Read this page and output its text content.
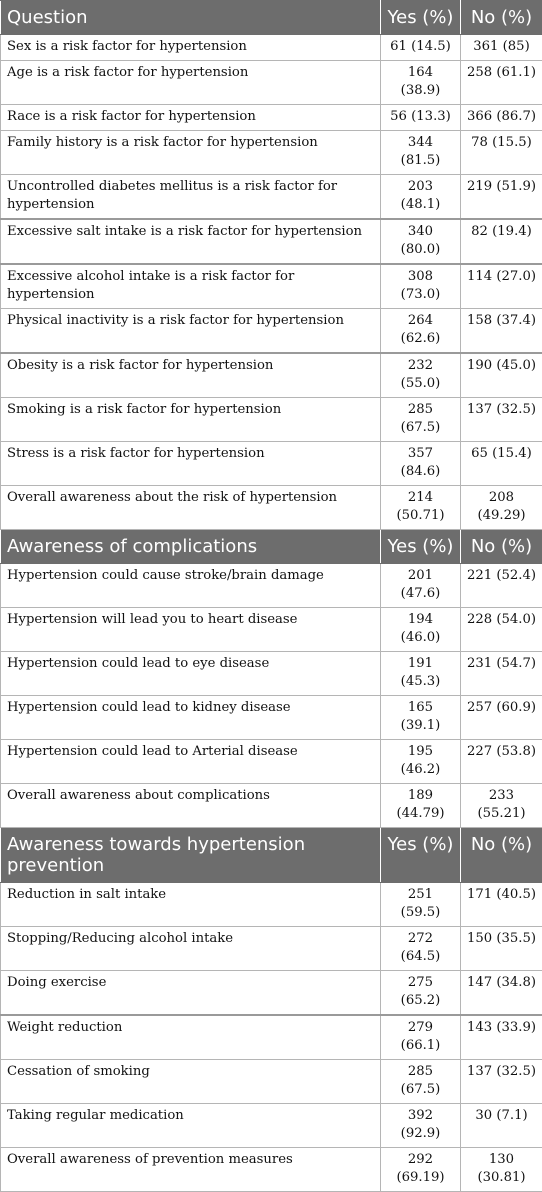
Question	Yes (%)	No (%)
Sex is a risk factor for hypertension	61 (14.5)	361 (85)
Age is a risk factor for hypertension	164 (38.9)	258 (61.1)
Race is a risk factor for hypertension	56 (13.3)	366 (86.7)
Family history is a risk factor for hypertension	344 (81.5)	78 (15.5)
Uncontrolled diabetes mellitus is a risk factor for hypertension	203 (48.1)	219 (51.9)
Excessive salt intake is a risk factor for hypertension	340 (80.0)	82 (19.4)
Excessive alcohol intake is a risk factor for hypertension	308 (73.0)	114 (27.0)
Physical inactivity is a risk factor for hypertension	264 (62.6)	158 (37.4)
Obesity is a risk factor for hypertension	232 (55.0)	190 (45.0)
Smoking is a risk factor for hypertension	285 (67.5)	137 (32.5)
Stress is a risk factor for hypertension	357 (84.6)	65 (15.4)
Overall awareness about the risk of hypertension	214 (50.71)	208 (49.29)
Awareness of complications	Yes (%)	No (%)
Hypertension could cause stroke/brain damage	201 (47.6)	221 (52.4)
Hypertension will lead you to heart disease	194 (46.0)	228 (54.0)
Hypertension could lead to eye disease	191 (45.3)	231 (54.7)
Hypertension could lead to kidney disease	165 (39.1)	257 (60.9)
Hypertension could lead to Arterial disease	195 (46.2)	227 (53.8)
Overall awareness about complications	189 (44.79)	233 (55.21)
Awareness towards hypertension prevention	Yes (%)	No (%)
Reduction in salt intake	251 (59.5)	171 (40.5)
Stopping/Reducing alcohol intake	272 (64.5)	150 (35.5)
Doing exercise	275 (65.2)	147 (34.8)
Weight reduction	279 (66.1)	143 (33.9)
Cessation of smoking	285 (67.5)	137 (32.5)
Taking regular medication	392 (92.9)	30 (7.1)
Overall awareness of prevention measures	292 (69.19)	130 (30.81)
